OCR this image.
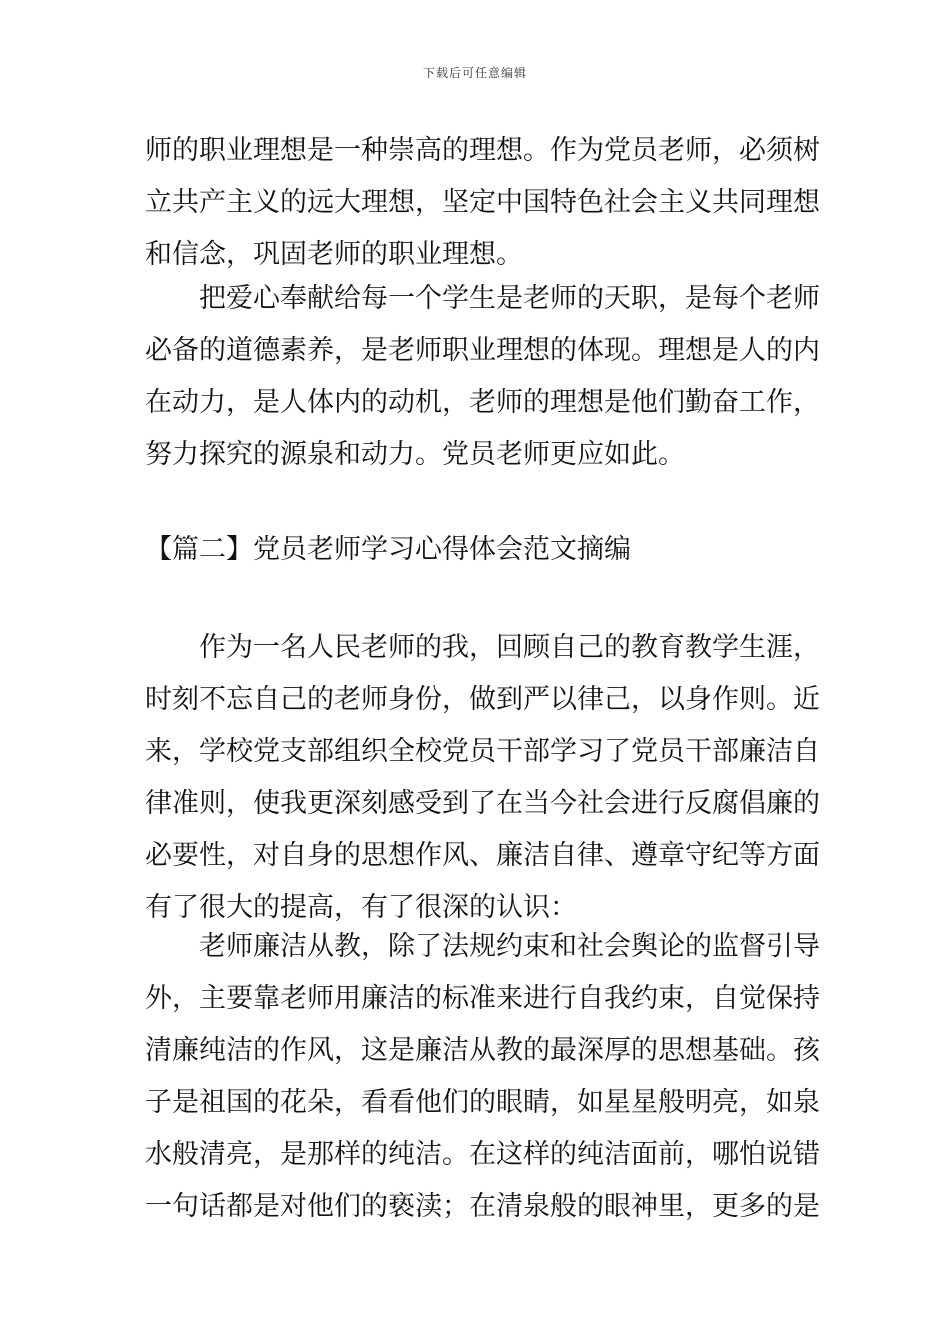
下载后可任意编辑
师的职业理想是一种崇高的理想。作为党员老师，必须树
立共产主义的远大理想，坚定中国特色社会主义共同理想
和信念，巩固老师的职业理想。
　　把爱心奉献给每一个学生是老师的天职，是每个老师
必备的道德素养，是老师职业理想的体现。理想是人的内
在动力，是人体内的动机，老师的理想是他们勤奋工作，
努力探究的源泉和动力。党员老师更应如此。
【篇二】党员老师学习心得体会范文摘编
　　作为一名人民老师的我，回顾自己的教育教学生涯，
时刻不忘自己的老师身份，做到严以律己，以身作则。近
来，学校党支部组织全校党员干部学习了党员干部廉洁自
律准则，使我更深刻感受到了在当今社会进行反腐倡廉的
必要性，对自身的思想作风、廉洁自律、遵章守纪等方面
有了很大的提高，有了很深的认识：
　　老师廉洁从教，除了法规约束和社会舆论的监督引导
外，主要靠老师用廉洁的标准来进行自我约束，自觉保持
清廉纯洁的作风，这是廉洁从教的最深厚的思想基础。孩
子是祖国的花朵，看看他们的眼睛，如星星般明亮，如泉
水般清亮，是那样的纯洁。在这样的纯洁面前，哪怕说错
一句话都是对他们的亵渎；在清泉般的眼神里，更多的是
